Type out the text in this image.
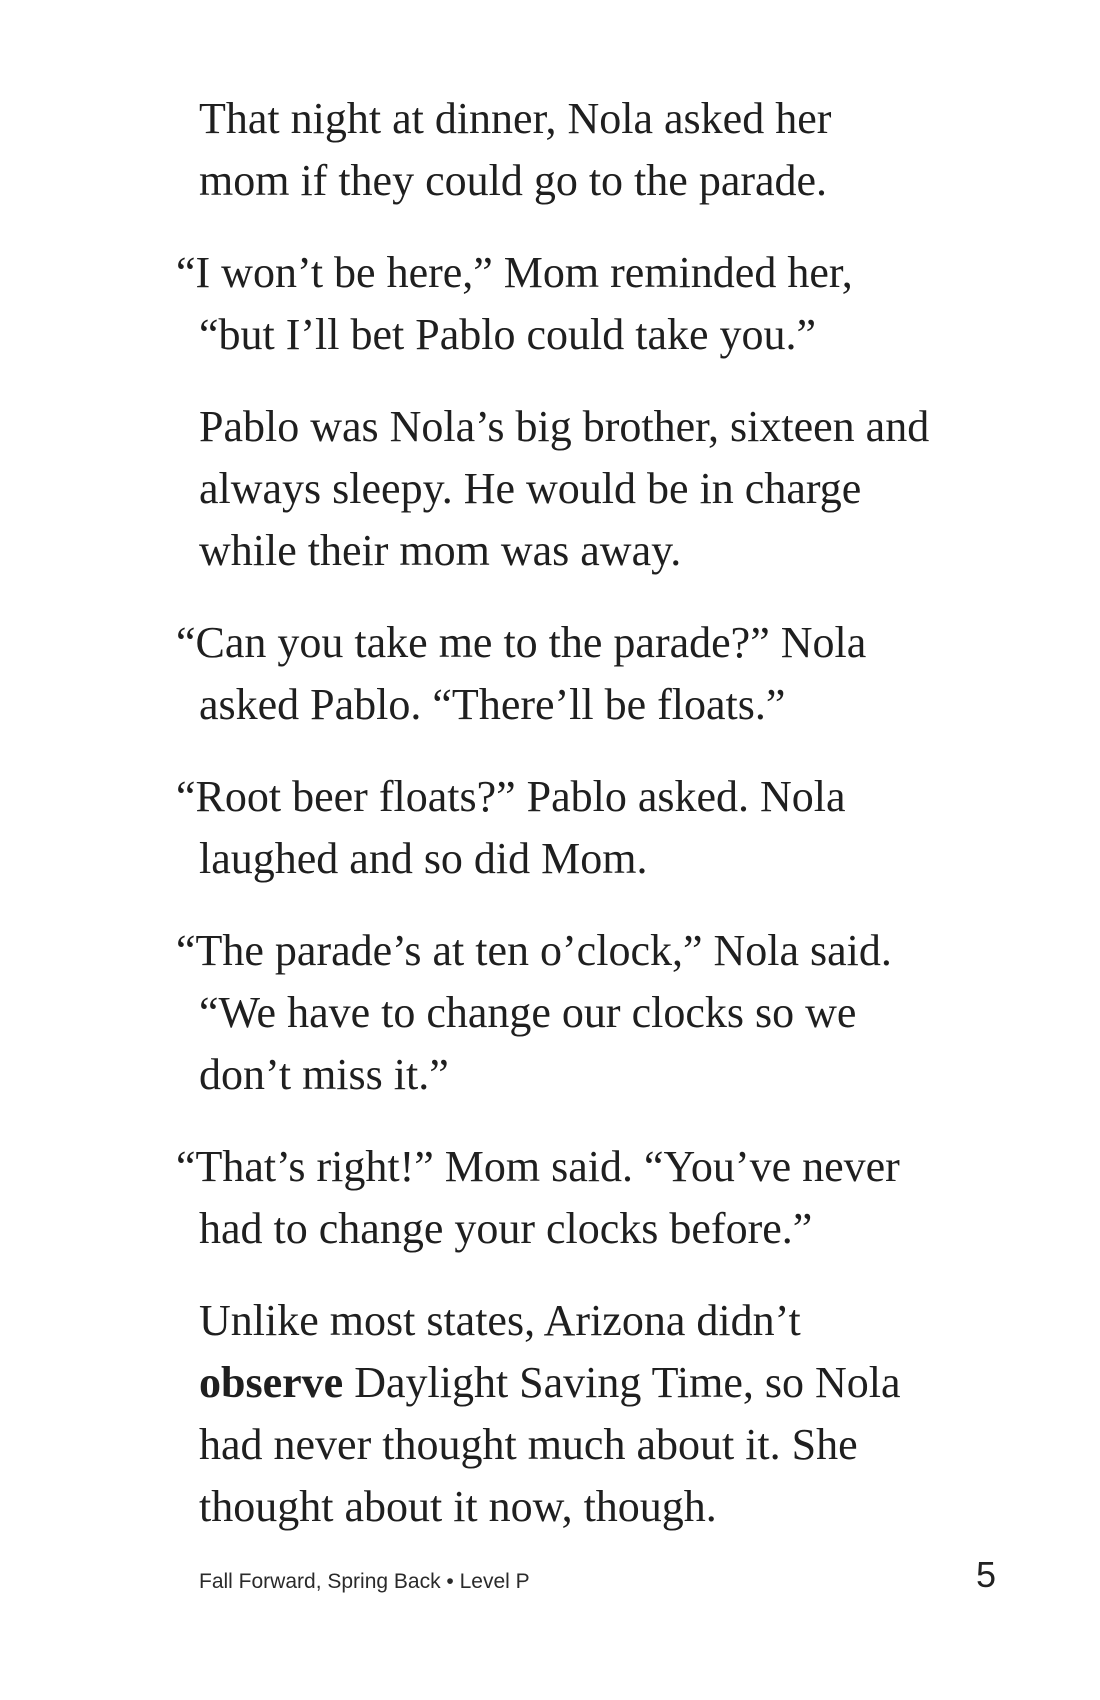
That night at dinner, Nola asked her
mom if they could go to the parade.

“I won’t be here,” Mom reminded her,
“but I’ll bet Pablo could take you.”

Pablo was Nola’s big brother, sixteen and
always sleepy. He would be in charge
while their mom was away.

“Can you take me to the parade?” Nola
asked Pablo. “There’ll be floats.”

“Root beer floats?” Pablo asked. Nola
laughed and so did Mom.

“The parade’s at ten o’clock,” Nola said.
“We have to change our clocks so we
don’t miss it.”

“That’s right!” Mom said. “You’ve never
had to change your clocks before.”

Unlike most states, Arizona didn’t
observe Daylight Saving Time, so Nola
had never thought much about it. She
thought about it now, though.

Fall Forward, Spring Back • Level P	5
